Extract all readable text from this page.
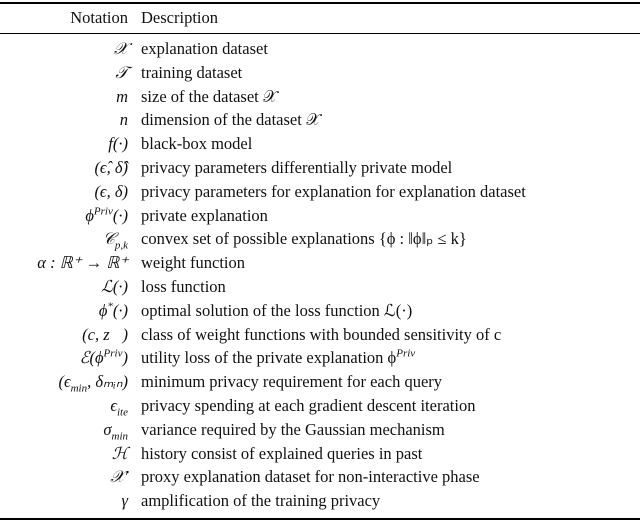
Notation Description
𝒳 explanation dataset
𝒯 training dataset
m size of the dataset 𝒳
n dimension of the dataset 𝒳
f(·) black-box model
(ϵ̂, δ̂) privacy parameters differentially private model
(ϵ, δ) privacy parameters for explanation for explanation dataset
$\phi^{Priv}(\cdot)$ private explanation
𝒞$_{p,k}$ convex set of possible explanations {ϕ : ‖ϕ‖ₚ ≤ k}
α : ℝ⁺ → ℝ⁺ weight function
ℒ(·) loss function
ϕ*(·) optimal solution of the loss function ℒ(·)
ℱ(c, z⃗) class of weight functions with bounded sensitivity of c
$ℰ(\phi^{Priv})$ utility loss of the private explanation $\phi^{Priv}$
($\epsilon_{min}$, δₘᵢₙ) minimum privacy requirement for each query
$\epsilon_{ite}$ privacy spending at each gradient descent iteration
$\sigma_{min}$ variance required by the Gaussian mechanism
ℋ history consist of explained queries in past
𝒳′ proxy explanation dataset for non-interactive phase
γ amplification of the training privacy
